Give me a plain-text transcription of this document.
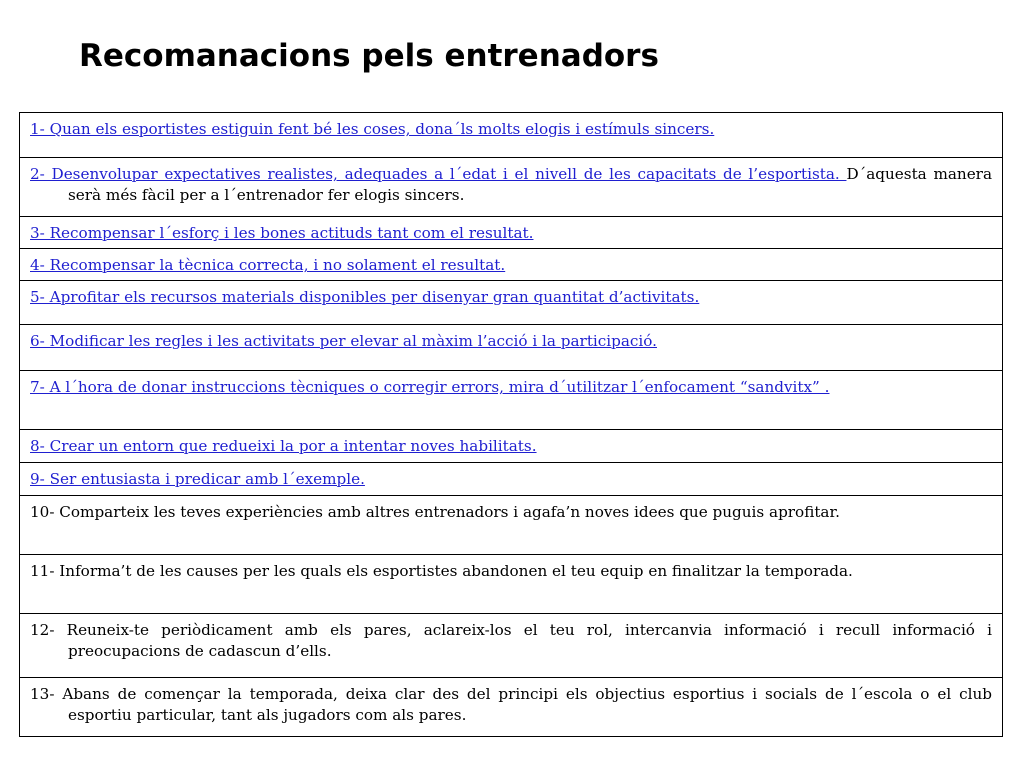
Recomanacions pels entrenadors
1- Quan els esportistes estiguin fent bé les coses, dona´ls molts elogis i estímuls sincers.

2- Desenvolupar expectatives realistes, adequades a l´edat i el nivell de les capacitats de l’esportista. D´aquesta manera serà més fàcil per a l´entrenador fer elogis sincers.

3- Recompensar l´esforç i les bones actituds tant com el resultat.

4- Recompensar la tècnica correcta, i no solament el resultat.

5- Aprofitar els recursos materials disponibles per disenyar gran quantitat d’activitats.

6- Modificar les regles i les activitats per elevar al màxim l’acció i la participació.

7- A l´hora de donar instruccions tècniques o corregir errors, mira d´utilitzar l´enfocament “sandvitx” .

8- Crear un entorn que redueixi la por a intentar noves habilitats.

9- Ser entusiasta i predicar amb l´exemple.

10- Comparteix les teves experiències amb altres entrenadors i agafa’n noves idees que puguis aprofitar.

11- Informa’t de les causes per les quals els esportistes abandonen el teu equip en finalitzar la temporada.

12- Reuneix-te periòdicament amb els pares, aclareix-los el teu rol, intercanvia informació i recull informació i preocupacions de cadascun d’ells.

13- Abans de començar la temporada, deixa clar des del principi els objectius esportius i socials de l´escola o el club esportiu particular, tant als jugadors com als pares.
